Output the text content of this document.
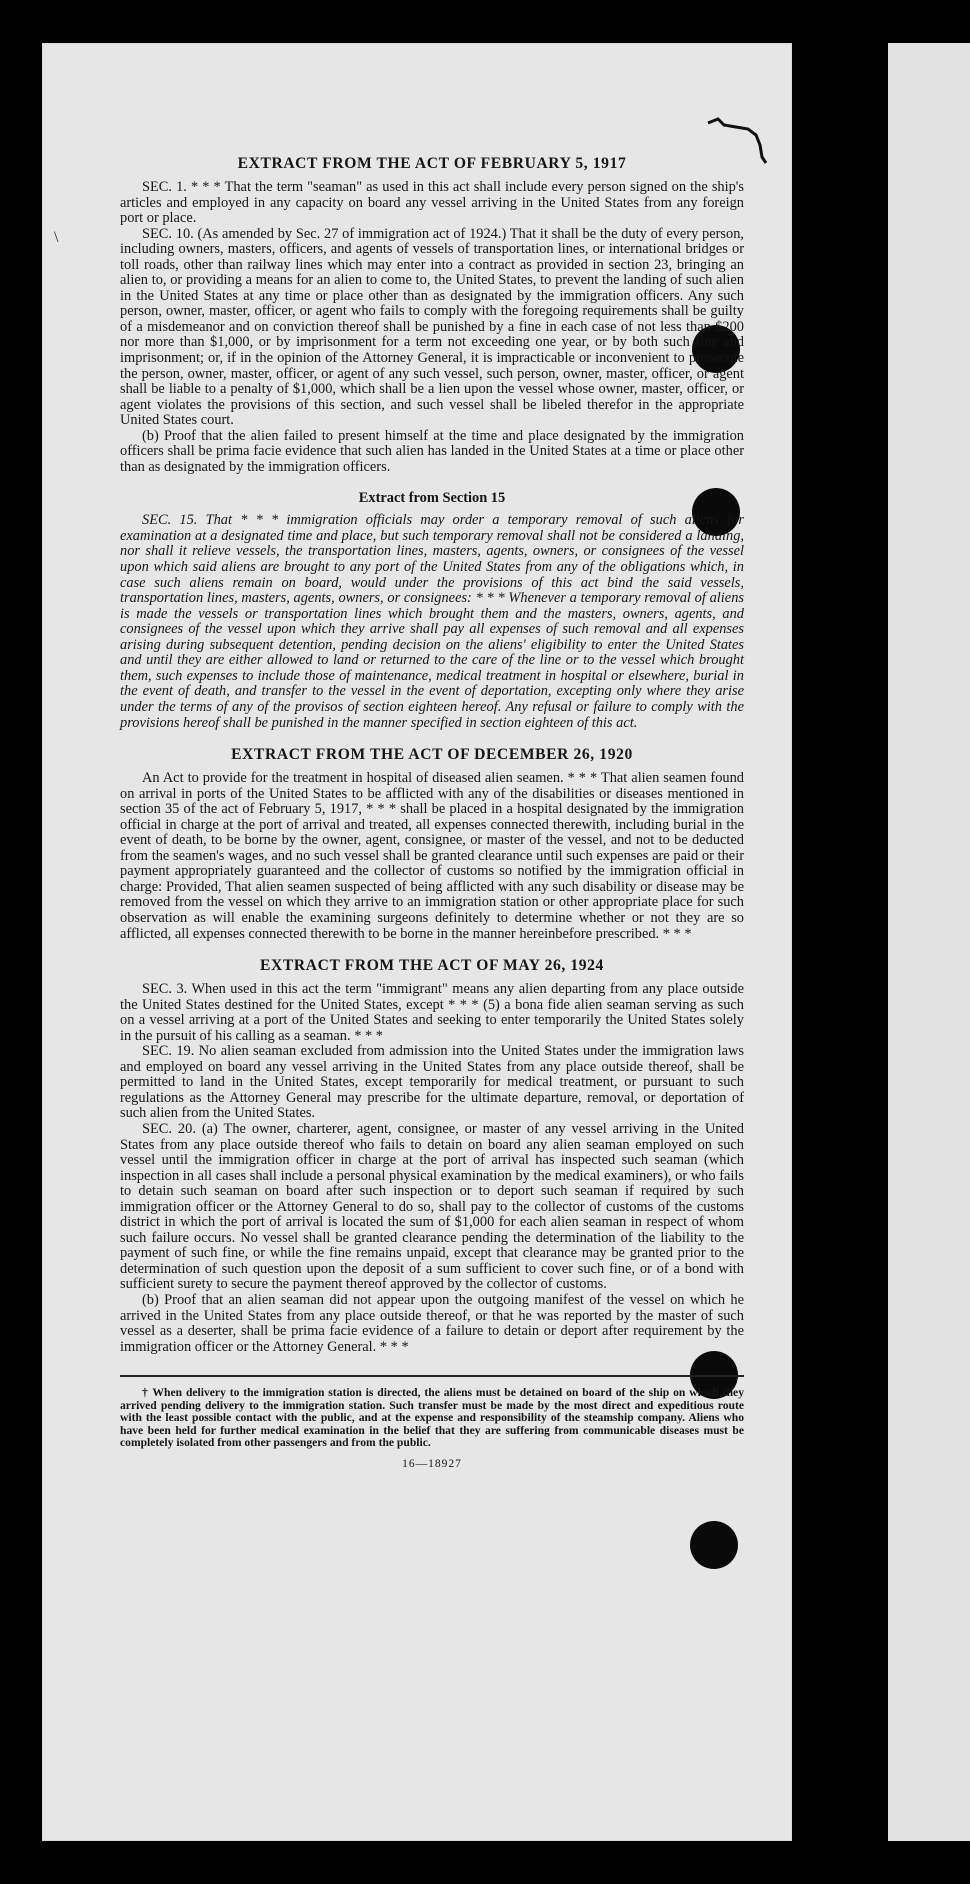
\
EXTRACT FROM THE ACT OF FEBRUARY 5, 1917

SEC. 1. * * * That the term "seaman" as used in this act shall include every person signed on the ship's articles and employed in any capacity on board any vessel arriving in the United States from any foreign port or place.

SEC. 10. (As amended by Sec. 27 of immigration act of 1924.) That it shall be the duty of every person, including owners, masters, officers, and agents of vessels of transportation lines, or international bridges or toll roads, other than railway lines which may enter into a contract as provided in section 23, bringing an alien to, or providing a means for an alien to come to, the United States, to prevent the landing of such alien in the United States at any time or place other than as designated by the immigration officers. Any such person, owner, master, officer, or agent who fails to comply with the foregoing requirements shall be guilty of a misdemeanor and on conviction thereof shall be punished by a fine in each case of not less than $200 nor more than $1,000, or by imprisonment for a term not exceeding one year, or by both such fine and imprisonment; or, if in the opinion of the Attorney General, it is impracticable or inconvenient to prosecute the person, owner, master, officer, or agent of any such vessel, such person, owner, master, officer, or agent shall be liable to a penalty of $1,000, which shall be a lien upon the vessel whose owner, master, officer, or agent violates the provisions of this section, and such vessel shall be libeled therefor in the appropriate United States court.

(b) Proof that the alien failed to present himself at the time and place designated by the immigration officers shall be prima facie evidence that such alien has landed in the United States at a time or place other than as designated by the immigration officers.

Extract from Section 15

SEC. 15. That * * * immigration officials may order a temporary removal of such aliens for examination at a designated time and place, but such temporary removal shall not be considered a landing, nor shall it relieve vessels, the transportation lines, masters, agents, owners, or consignees of the vessel upon which said aliens are brought to any port of the United States from any of the obligations which, in case such aliens remain on board, would under the provisions of this act bind the said vessels, transportation lines, masters, agents, owners, or consignees: * * * Whenever a temporary removal of aliens is made the vessels or transportation lines which brought them and the masters, owners, agents, and consignees of the vessel upon which they arrive shall pay all expenses of such removal and all expenses arising during subsequent detention, pending decision on the aliens' eligibility to enter the United States and until they are either allowed to land or returned to the care of the line or to the vessel which brought them, such expenses to include those of maintenance, medical treatment in hospital or elsewhere, burial in the event of death, and transfer to the vessel in the event of deportation, excepting only where they arise under the terms of any of the provisos of section eighteen hereof. Any refusal or failure to comply with the provisions hereof shall be punished in the manner specified in section eighteen of this act.

EXTRACT FROM THE ACT OF DECEMBER 26, 1920

An Act to provide for the treatment in hospital of diseased alien seamen. * * * That alien seamen found on arrival in ports of the United States to be afflicted with any of the disabilities or diseases mentioned in section 35 of the act of February 5, 1917, * * * shall be placed in a hospital designated by the immigration official in charge at the port of arrival and treated, all expenses connected therewith, including burial in the event of death, to be borne by the owner, agent, consignee, or master of the vessel, and not to be deducted from the seamen's wages, and no such vessel shall be granted clearance until such expenses are paid or their payment appropriately guaranteed and the collector of customs so notified by the immigration official in charge: Provided, That alien seamen suspected of being afflicted with any such disability or disease may be removed from the vessel on which they arrive to an immigration station or other appropriate place for such observation as will enable the examining surgeons definitely to determine whether or not they are so afflicted, all expenses connected therewith to be borne in the manner hereinbefore prescribed. * * *

EXTRACT FROM THE ACT OF MAY 26, 1924

SEC. 3. When used in this act the term "immigrant" means any alien departing from any place outside the United States destined for the United States, except * * * (5) a bona fide alien seaman serving as such on a vessel arriving at a port of the United States and seeking to enter temporarily the United States solely in the pursuit of his calling as a seaman. * * *

SEC. 19. No alien seaman excluded from admission into the United States under the immigration laws and employed on board any vessel arriving in the United States from any place outside thereof, shall be permitted to land in the United States, except temporarily for medical treatment, or pursuant to such regulations as the Attorney General may prescribe for the ultimate departure, removal, or deportation of such alien from the United States.

SEC. 20. (a) The owner, charterer, agent, consignee, or master of any vessel arriving in the United States from any place outside thereof who fails to detain on board any alien seaman employed on such vessel until the immigration officer in charge at the port of arrival has inspected such seaman (which inspection in all cases shall include a personal physical examination by the medical examiners), or who fails to detain such seaman on board after such inspection or to deport such seaman if required by such immigration officer or the Attorney General to do so, shall pay to the collector of customs of the customs district in which the port of arrival is located the sum of $1,000 for each alien seaman in respect of whom such failure occurs. No vessel shall be granted clearance pending the determination of the liability to the payment of such fine, or while the fine remains unpaid, except that clearance may be granted prior to the determination of such question upon the deposit of a sum sufficient to cover such fine, or of a bond with sufficient surety to secure the payment thereof approved by the collector of customs.

(b) Proof that an alien seaman did not appear upon the outgoing manifest of the vessel on which he arrived in the United States from any place outside thereof, or that he was reported by the master of such vessel as a deserter, shall be prima facie evidence of a failure to detain or deport after requirement by the immigration officer or the Attorney General. * * *

† When delivery to the immigration station is directed, the aliens must be detained on board of the ship on which they arrived pending delivery to the immigration station. Such transfer must be made by the most direct and expeditious route with the least possible contact with the public, and at the expense and responsibility of the steamship company. Aliens who have been held for further medical examination in the belief that they are suffering from communicable diseases must be completely isolated from other passengers and from the public.

16—18927
